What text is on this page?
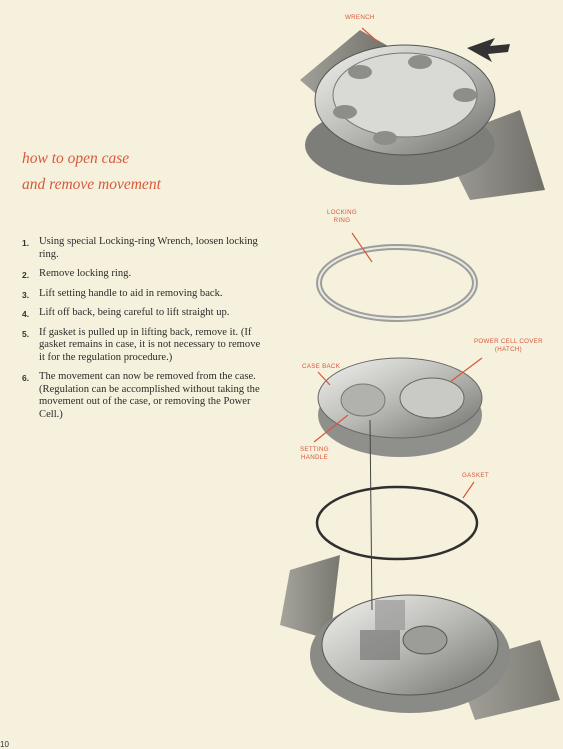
how to open case
and remove movement
1. Using special Locking-ring Wrench, loosen locking ring.
2. Remove locking ring.
3. Lift setting handle to aid in removing back.
4. Lift off back, being careful to lift straight up.
5. If gasket is pulled up in lifting back, remove it. (If gasket remains in case, it is not necessary to remove it for the regulation procedure.)
6. The movement can now be removed from the case. (Regulation can be accomplished without taking the movement out of the case, or removing the Power Cell.)
WRENCH
LOCKING
RING
POWER CELL COVER
(HATCH)
CASE BACK
SETTING
HANDLE
GASKET
10
